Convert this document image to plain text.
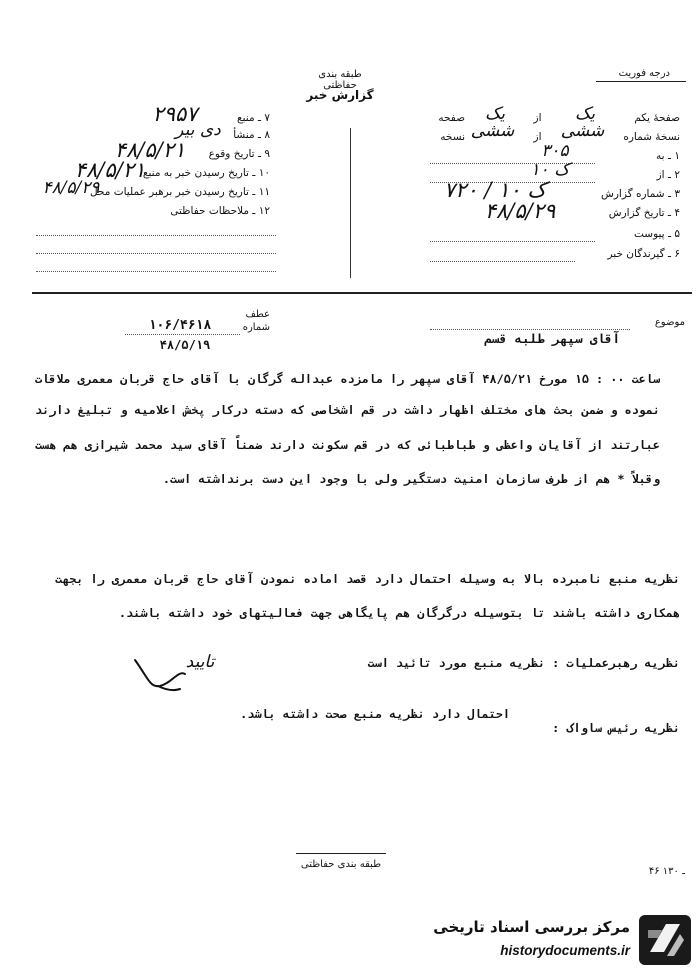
طبقه بندی حفاظتی
گزارش خبر
درجه فوریت
۷ ـ منبع
۲۹۵۷
۸ ـ منشأ
دی بیر
۹ ـ تاریخ وقوع
۴۸/۵/۲۱
۱۰ ـ تاریخ رسیدن خبر به منبع
۴۸/۵/۲۱
۱۱ ـ تاریخ رسیدن خبر برهبر عملیات محل
۴۸/۵/۲۹
۱۲ ـ ملاحظات حفاظتی
صفحهٔ یکم
یک
از
یک
صفحه
نسخهٔ شماره
ششی
از
ششی
نسخه
۱ ـ به
۳۰۵
۲ ـ از
ک ۱۰
۳ ـ شماره گزارش
۷۲۰ / ک ۱۰
۴ ـ تاریخ گزارش
۴۸/۵/۲۹
۵ ـ پیوست
۶ ـ گیرندگان خبر
عطف
شماره
۱۰۶/۴۶۱۸
۴۸/۵/۱۹
موضوع
آقای سپهر طلبه قسم
ساعت ۰۰ : ۱۵ مورخ ۴۸/۵/۲۱ آقای سپهر را مامزده عبداله گرگان با آقای حاج قربان معمری ملاقات
نموده و ضمن بحث های مختلف اظهار داشت در قم اشخاصی که دسته درکار پخش اعلامیه و تبلیغ دارند
عبارتند از آقایان واعظی و طباطبائی که در قم سکونت دارند ضمناً آقای سید محمد شیرازی هم هست
وقبلاً * هم از طرف سازمان امنیت دستگیر ولی با وجود این دست برنداشته است.
نظریه منبع نامبرده بالا به وسیله احتمال دارد قصد اماده نمودن آقای حاج قربان معمری را بجهت
همکاری داشته باشند تا بتوسیله درگرگان هم پایگاهی جهت فعالیتهای خود داشته باشند.
نظریه رهبرعملیات : نظریه منبع مورد تائید است
تایید
نظریه رئیس ساواک :
احتمال دارد نظریه منبع صحت داشته باشد.
طبقه بندی حفاظتی
۴۶ ـ ۱۳۰
مرکز بررسی اسناد تاریخی
historydocuments.ir
